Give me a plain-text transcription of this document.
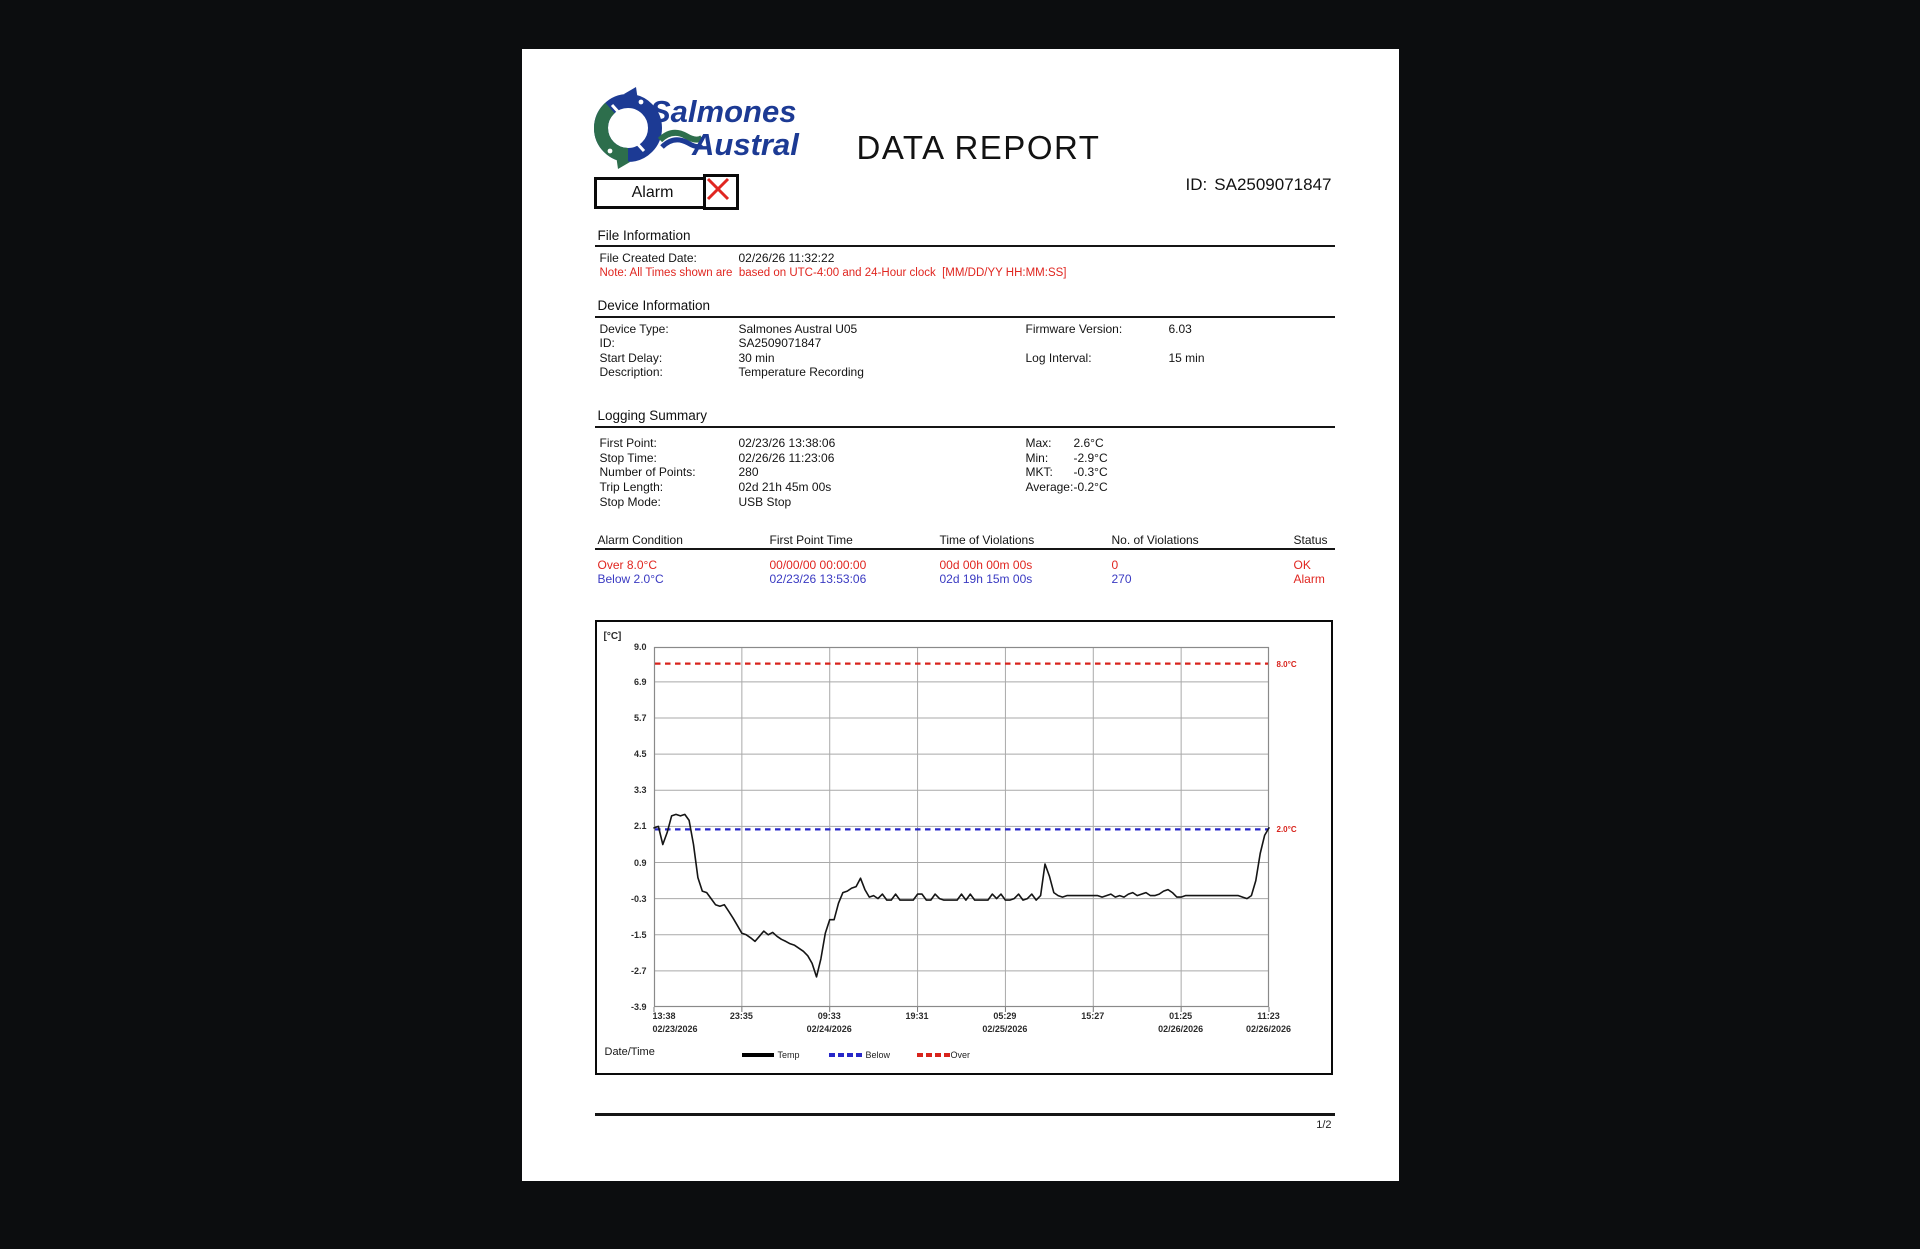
Salmones
Austral DATA REPORT
ID: SA2509071847
Alarm
File Information
File Created Date:	02/26/26 11:32:22
Note: All Times shown are  based on UTC-4:00 and 24-Hour clock  [MM/DD/YY HH:MM:SS]
Device Information
Device Type:	Salmones Austral U05
ID:	SA2509071847
Start Delay:	30 min
Description:	Temperature Recording
Firmware Version:	6.03
Log Interval:	15 min
Logging Summary
First Point:	02/23/26 13:38:06
Stop Time:	02/26/26 11:23:06
Number of Points:	280
Trip Length:	02d 21h 45m 00s
Stop Mode:	USB Stop
Max: 2.6°C
Min: -2.9°C
MKT: -0.3°C
Average: -0.2°C
Alarm Condition	First Point Time	Time of Violations	No. of Violations	Status
Over 8.0°C	00/00/00 00:00:00	00d 00h 00m 00s	0	OK
Below 2.0°C	02/23/26 13:53:06	02d 19h 15m 00s	270	Alarm
[°C]
Date/Time	Temp	Below	Over
9.0
6.9
5.7
4.5
3.3
2.1
0.9
-0.3
-1.5
-2.7
-3.9
13:38
02/23/2026
23:35	09:33
02/24/2026
19:31	05:29
02/25/2026
15:27	01:25
02/26/2026
11:23
02/26/2026
8.0°C
2.0°C
1/2
